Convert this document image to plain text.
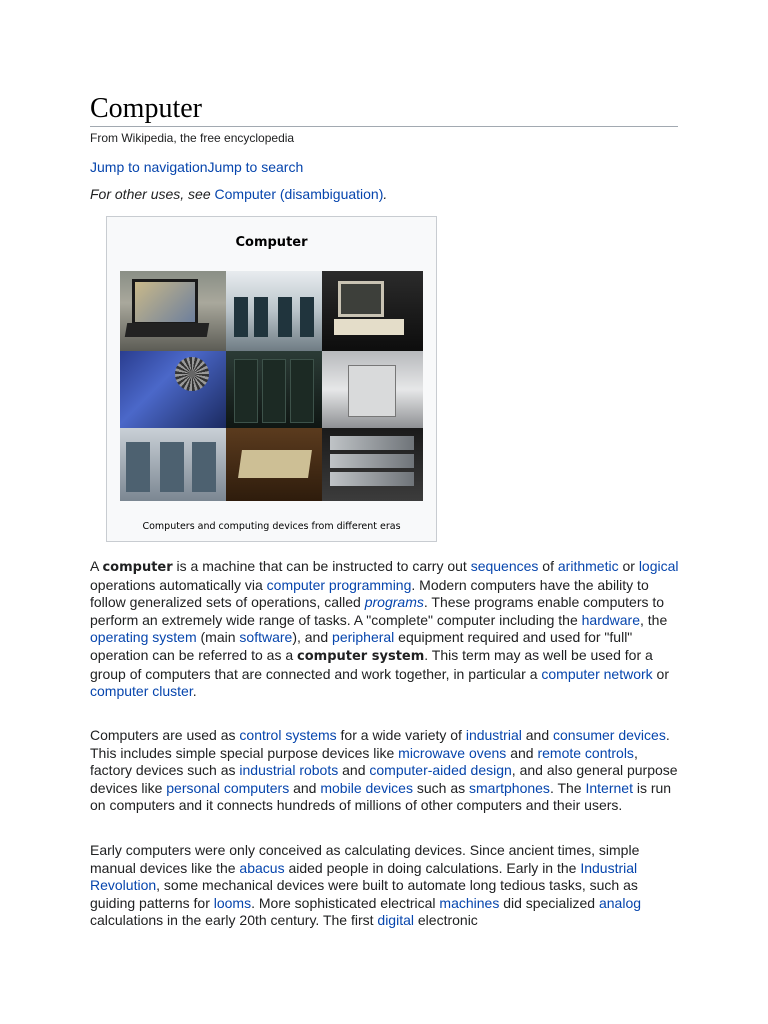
Computer
From Wikipedia, the free encyclopedia
Jump to navigationJump to search
For other uses, see Computer (disambiguation).
Computer
Computers and computing devices from different eras
A computer is a machine that can be instructed to carry out sequences of arithmetic or logical operations automatically via computer programming. Modern computers have the ability to follow generalized sets of operations, called programs. These programs enable computers to perform an extremely wide range of tasks. A "complete" computer including the hardware, the operating system (main software), and peripheral equipment required and used for "full" operation can be referred to as a computer system. This term may as well be used for a group of computers that are connected and work together, in particular a computer network or computer cluster.
Computers are used as control systems for a wide variety of industrial and consumer devices. This includes simple special purpose devices like microwave ovens and remote controls, factory devices such as industrial robots and computer-aided design, and also general purpose devices like personal computers and mobile devices such as smartphones. The Internet is run on computers and it connects hundreds of millions of other computers and their users.
Early computers were only conceived as calculating devices. Since ancient times, simple manual devices like the abacus aided people in doing calculations. Early in the Industrial Revolution, some mechanical devices were built to automate long tedious tasks, such as guiding patterns for looms. More sophisticated electrical machines did specialized analog calculations in the early 20th century. The first digital electronic
